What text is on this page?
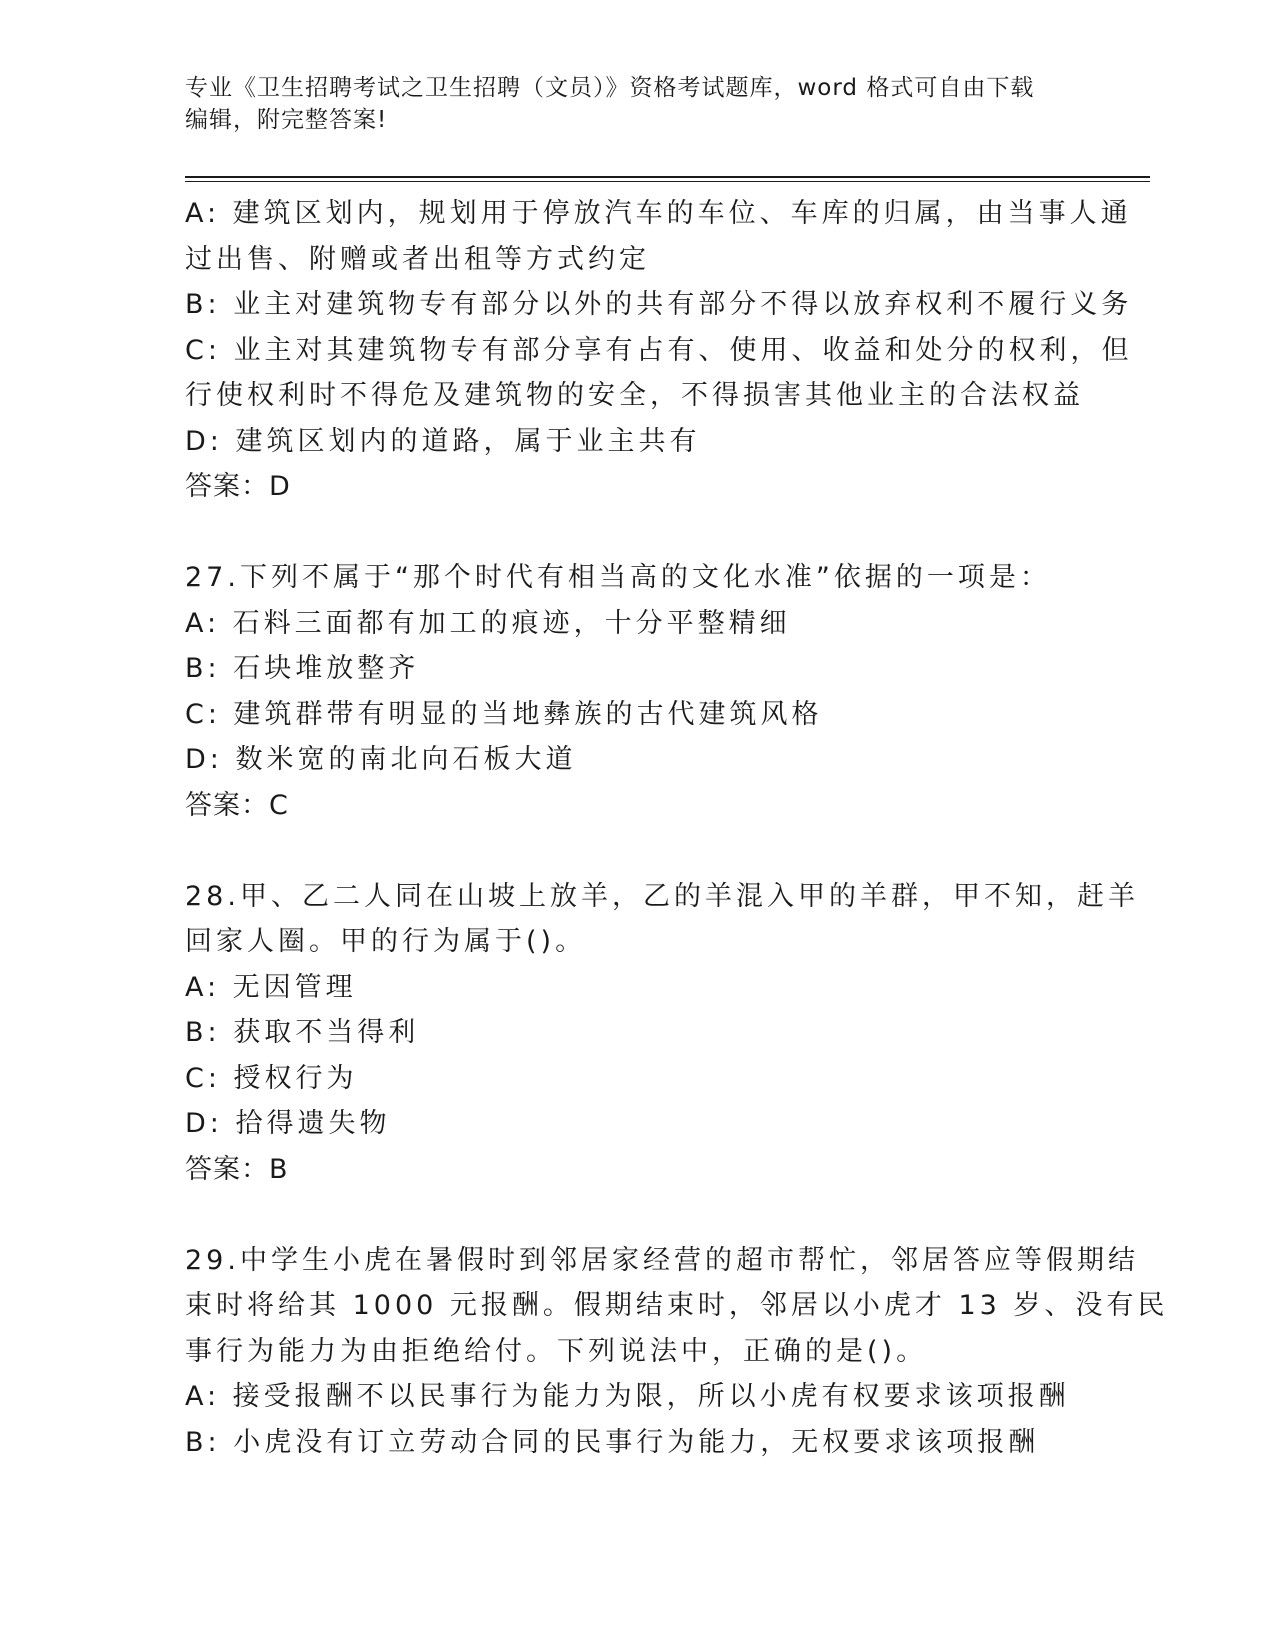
专业《卫生招聘考试之卫生招聘（文员）》资格考试题库，word 格式可自由下载
编辑，附完整答案!
A: 建筑区划内，规划用于停放汽车的车位、车库的归属，由当事人通
过出售、附赠或者出租等方式约定
B: 业主对建筑物专有部分以外的共有部分不得以放弃权利不履行义务
C: 业主对其建筑物专有部分享有占有、使用、收益和处分的权利，但
行使权利时不得危及建筑物的安全，不得损害其他业主的合法权益
D: 建筑区划内的道路，属于业主共有
答案：D
27.下列不属于“那个时代有相当高的文化水准”依据的一项是：
A: 石料三面都有加工的痕迹，十分平整精细
B: 石块堆放整齐
C: 建筑群带有明显的当地彝族的古代建筑风格
D: 数米宽的南北向石板大道
答案：C
28.甲、乙二人同在山坡上放羊，乙的羊混入甲的羊群，甲不知，赶羊
回家人圈。甲的行为属于()。
A: 无因管理
B: 获取不当得利
C: 授权行为
D: 拾得遗失物
答案：B
29.中学生小虎在暑假时到邻居家经营的超市帮忙，邻居答应等假期结
束时将给其 1000 元报酬。假期结束时，邻居以小虎才 13 岁、没有民
事行为能力为由拒绝给付。下列说法中，正确的是()。
A: 接受报酬不以民事行为能力为限，所以小虎有权要求该项报酬
B: 小虎没有订立劳动合同的民事行为能力，无权要求该项报酬
